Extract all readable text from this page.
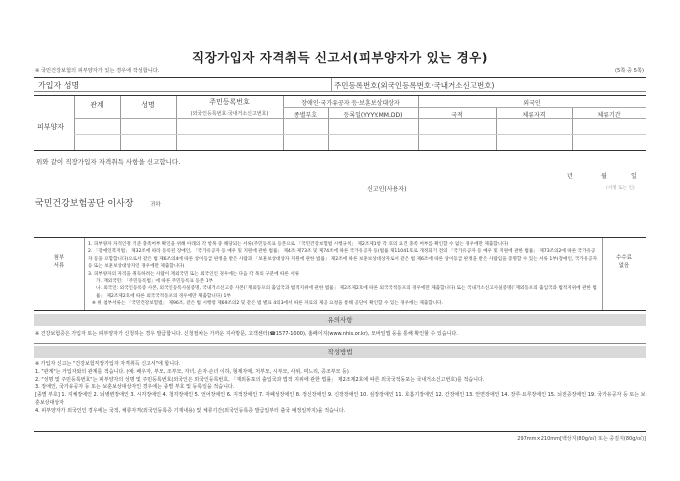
직장가입자 자격취득 신고서(피부양자가 있는 경우)
※ 국민건강보험의 피부양자가 있는 경우에 작성합니다.	(5쪽 중 5쪽)
가입자 성명	주민등록번호(외국인등록번호·국내거소신고번호)
피부양자
관계	성명	주민등록번호
(외국인등록번호·국내거소신고번호)
장애인·국가유공자 등·보훈보상대상자
종별부호	등록일(YYYY.MM.DD)
외국인
국적	체류자격	체류기간
위와 같이 직장가입자 자격취득 사항을 신고합니다.
년	월	일
신고인(사용자)	(서명 또는 인)
국민건강보험공단 이사장	귀하
첨부
서류
수수료
없음

1. 피부양자 자격인정 기준 충족여부 확인을 위해 아래의 각 항목 중 해당되는 서류(주민등록표 등본으로 「국민건강보험법 시행규칙」 제2조제1항 각 호의 요건 충족 여부를 확인할 수 없는 경우에만 제출합니다)

2. 「장애인복지법」 제32조에 따라 등록된 장애인, 「국가유공자 등 예우 및 지원에 관한 법률」 제4조·제73조 및 제74조에 따른 국가유공자 등(법률 제11041호로 개정되기 전의 「국가유공자 등 예우 및 지원에 관한 법률」 제73조의2에 따른 국가유공자 등을 포함합니다)으로서 같은 법 제6조의4에 따른 상이등급 판정을 받은 사람과 「보훈보상대상자 지원에 관한 법률」 제2조에 따른 보훈보상대상자로서 같은 법 제6조에 따른 상이등급 판정을 받은 사람임을 증명할 수 있는 서류 1부(장애인, 국가유공자 등 또는 보훈보상대상자인 경우에만 제출합니다)

3. 피부양자의 자격을 취득하려는 사람이 재외국민 또는 외국인인 경우에는 다음 각 목의 구분에 따른 서류

가. 재외국민: 「주민등록법」에 따른 주민등록표 등본 1부

나. 외국인: 외국인등록증 사본, 외국인등록사실증명, 국내거소신고증 사본(「재외동포의 출입국과 법적지위에 관한 법률」 제2조제2호에 따른 외국국적동포의 경우에만 제출합니다) 또는 국내거소신고사실증명(「재외동포의 출입국과 법적지위에 관한 법률」 제2조제2호에 따른 외국국적동포의 경우에만 제출합니다) 1부

※ 위 첨부서류는 「국민건강보험법」 제96조, 같은 법 시행령 제69조의2 및 같은 법 별표 4의3에서 따른 자료의 제공 요청을 통해 공단이 확인할 수 있는 경우에는 제출합니다.

유의사항
※ 건강보험증은 가입자 또는 피부양자가 신청하는 경우 발급합니다. 신청절차는 가까운 지사방문, 고객센터(☎1577-1000), 홈페이지(www.nhis.or.kr), 모바일앱 등을 통해 확인할 수 있습니다.
작성방법

※ 가입자 신고는 "건강보험직장가입자 자격취득 신고서"에 합니다.

1. "관계"는 가입자와의 관계를 적습니다. (예: 배우자, 부모, 조부모, 자녀, 손자·손녀 이하, 형제자매, 처부모, 시부모, 사위, 며느리, 증조부모 등)

2. "성명 및 주민등록번호"는 피부양자의 성명 및 주민등록번호(외국인은 외국인등록번호, 「재외동포의 출입국과 법적 지위에 관한 법률」 제2조제2호에 따른 외국국적동포는 국내거소신고번호)를 적습니다.

3. 장애인, 국가유공자 등 또는 보훈보상대상자인 경우에는 종별 부호 및 등록일을 적습니다.

[종별 부호] 1. 지체장애인 2. 뇌병변장애인 3. 시각장애인 4. 청각장애인 5. 언어장애인 6. 지적장애인 7. 자폐성장애인 8. 정신장애인 9. 신장장애인 10. 심장장애인 11. 호흡기장애인 12. 간장애인 13. 안면장애인 14. 장루·요루장애인 15. 뇌전증장애인 19. 국가유공자 등 또는 보훈보상대상자

4. 피부양자가 외국인인 경우에는 국적, 체류자격(외국인등록증 기재내용) 및 체류기간(외국인등록증 발급일부터 출국 예정일까지)을 적습니다.

297mm×210mm[백상지(80g/㎡) 또는 중질지(80g/㎡)]
